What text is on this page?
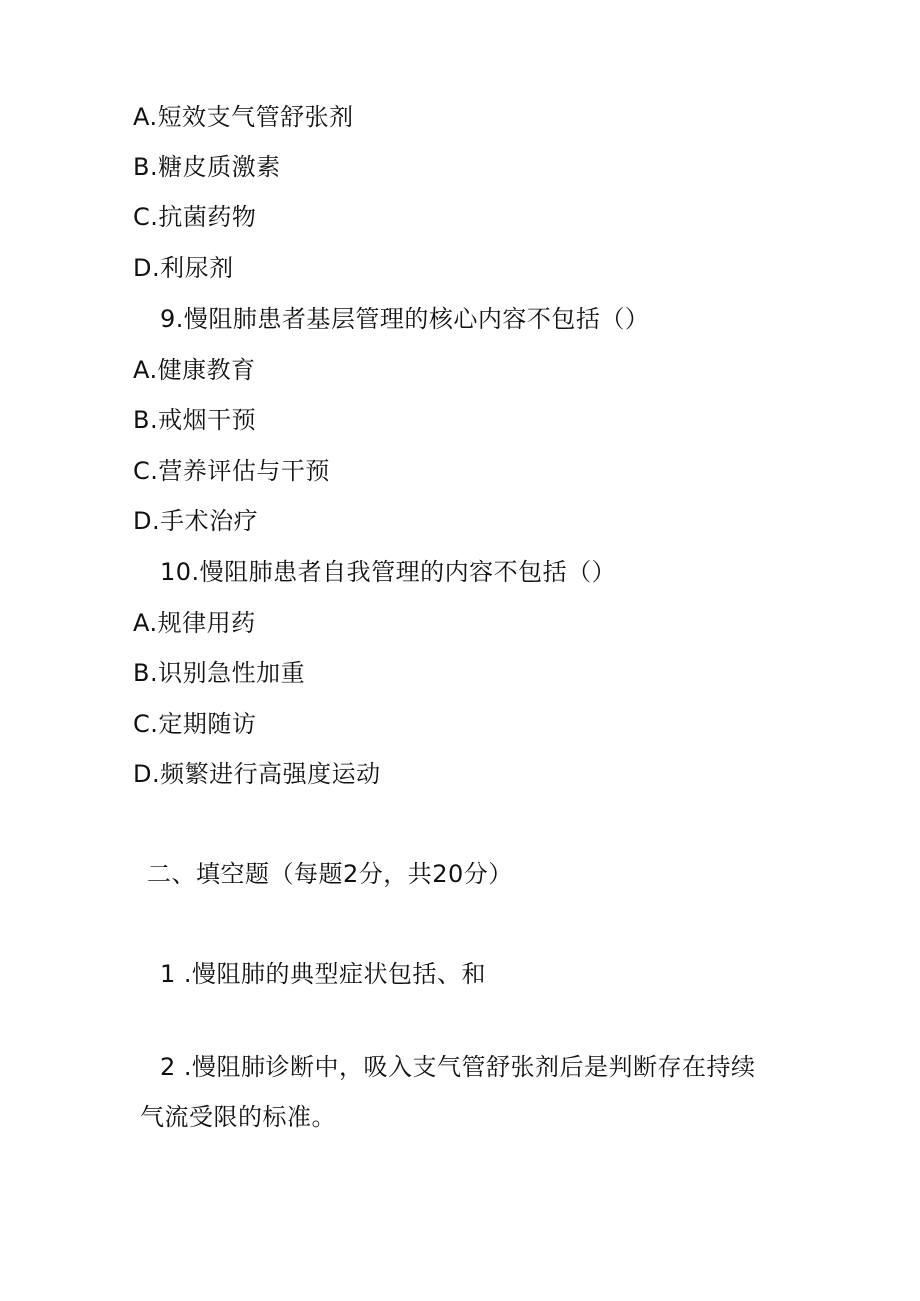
A.短效支气管舒张剂
B.糖皮质激素
C.抗菌药物
D.利尿剂
9.慢阻肺患者基层管理的核心内容不包括（）
A.健康教育
B.戒烟干预
C.营养评估与干预
D.手术治疗
10.慢阻肺患者自我管理的内容不包括（）
A.规律用药
B.识别急性加重
C.定期随访
D.频繁进行高强度运动
二、填空题（每题2分，共20分）
1 .慢阻肺的典型症状包括、和
2 .慢阻肺诊断中，吸入支气管舒张剂后是判断存在持续
气流受限的标准。
